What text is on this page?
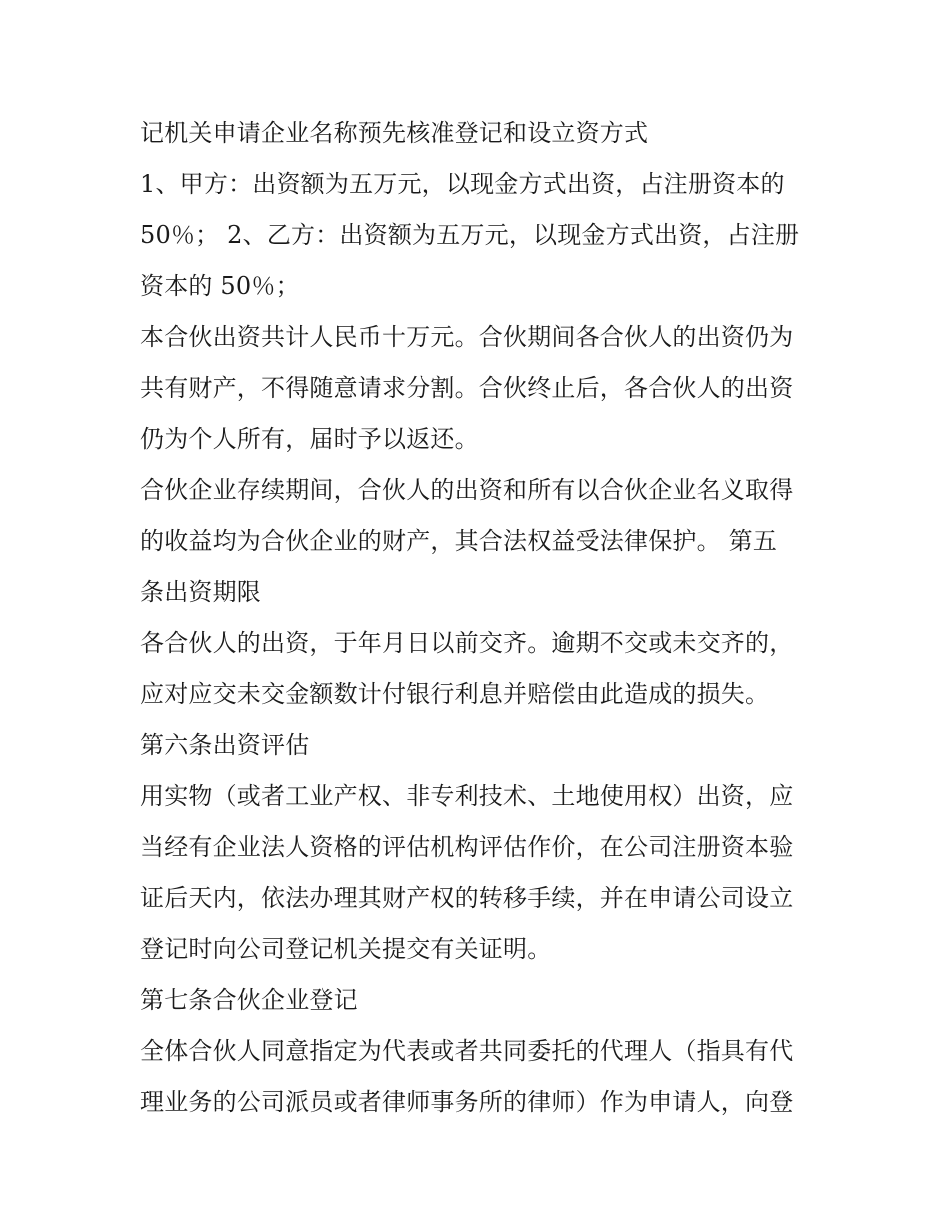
记机关申请企业名称预先核准登记和设立资方式
1、甲方：出资额为五万元，以现金方式出资，占注册资本的
50％； 2、乙方：出资额为五万元，以现金方式出资，占注册
资本的 50％；
本合伙出资共计人民币十万元。合伙期间各合伙人的出资仍为
共有财产，不得随意请求分割。合伙终止后，各合伙人的出资
仍为个人所有，届时予以返还。
合伙企业存续期间，合伙人的出资和所有以合伙企业名义取得
的收益均为合伙企业的财产，其合法权益受法律保护。 第五
条出资期限
各合伙人的出资，于年月日以前交齐。逾期不交或未交齐的，
应对应交未交金额数计付银行利息并赔偿由此造成的损失。
第六条出资评估
用实物（或者工业产权、非专利技术、土地使用权）出资，应
当经有企业法人资格的评估机构评估作价，在公司注册资本验
证后天内，依法办理其财产权的转移手续，并在申请公司设立
登记时向公司登记机关提交有关证明。
第七条合伙企业登记
全体合伙人同意指定为代表或者共同委托的代理人（指具有代
理业务的公司派员或者律师事务所的律师）作为申请人，向登
